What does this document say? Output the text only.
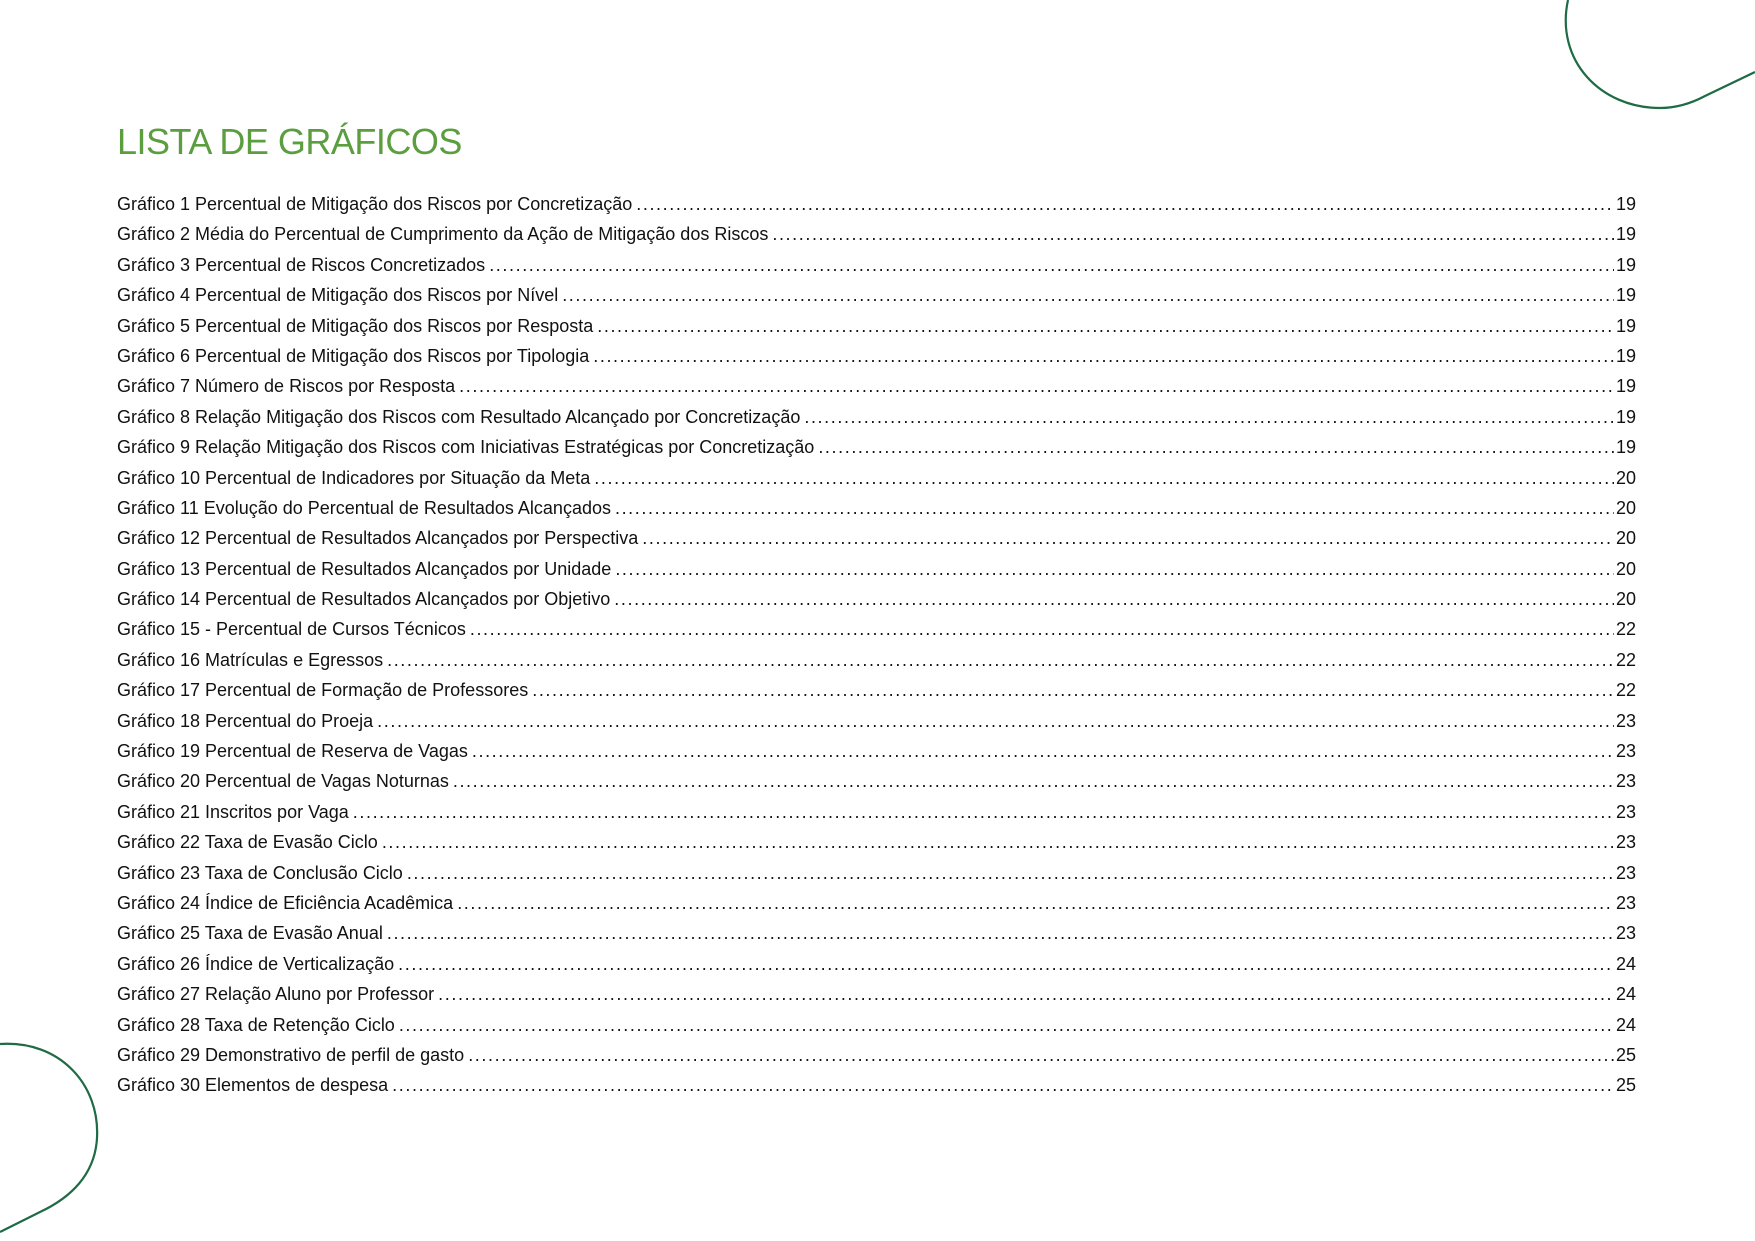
LISTA DE GRÁFICOS
Gráfico 1 Percentual de Mitigação dos Riscos por Concretização .....	19
Gráfico 2 Média do Percentual de Cumprimento da Ação de Mitigação dos Riscos .....	19
Gráfico 3 Percentual de Riscos Concretizados .....	19
Gráfico 4 Percentual de Mitigação dos Riscos por Nível .....	19
Gráfico 5 Percentual de Mitigação dos Riscos por Resposta .....	19
Gráfico 6 Percentual de Mitigação dos Riscos por Tipologia .....	19
Gráfico 7 Número de Riscos por Resposta .....	19
Gráfico 8 Relação Mitigação dos Riscos com Resultado Alcançado por Concretização .....	19
Gráfico 9 Relação Mitigação dos Riscos com Iniciativas Estratégicas por Concretização .....	19
Gráfico 10 Percentual de Indicadores por Situação da Meta .....	20
Gráfico 11 Evolução do Percentual de Resultados Alcançados .....	20
Gráfico 12 Percentual de Resultados Alcançados por Perspectiva .....	20
Gráfico 13 Percentual de Resultados Alcançados por Unidade .....	20
Gráfico 14 Percentual de Resultados Alcançados por Objetivo .....	20
Gráfico 15 - Percentual de Cursos Técnicos .....	22
Gráfico 16 Matrículas e Egressos .....	22
Gráfico 17 Percentual de Formação de Professores .....	22
Gráfico 18 Percentual do Proeja .....	23
Gráfico 19 Percentual de Reserva de Vagas .....	23
Gráfico 20 Percentual de Vagas Noturnas .....	23
Gráfico 21 Inscritos por Vaga .....	23
Gráfico 22 Taxa de Evasão Ciclo .....	23
Gráfico 23 Taxa de Conclusão Ciclo .....	23
Gráfico 24 Índice de Eficiência Acadêmica .....	23
Gráfico 25 Taxa de Evasão Anual .....	23
Gráfico 26 Índice de Verticalização .....	24
Gráfico 27 Relação Aluno por Professor .....	24
Gráfico 28 Taxa de Retenção Ciclo .....	24
Gráfico 29 Demonstrativo de perfil de gasto .....	25
Gráfico 30 Elementos de despesa .....	25
